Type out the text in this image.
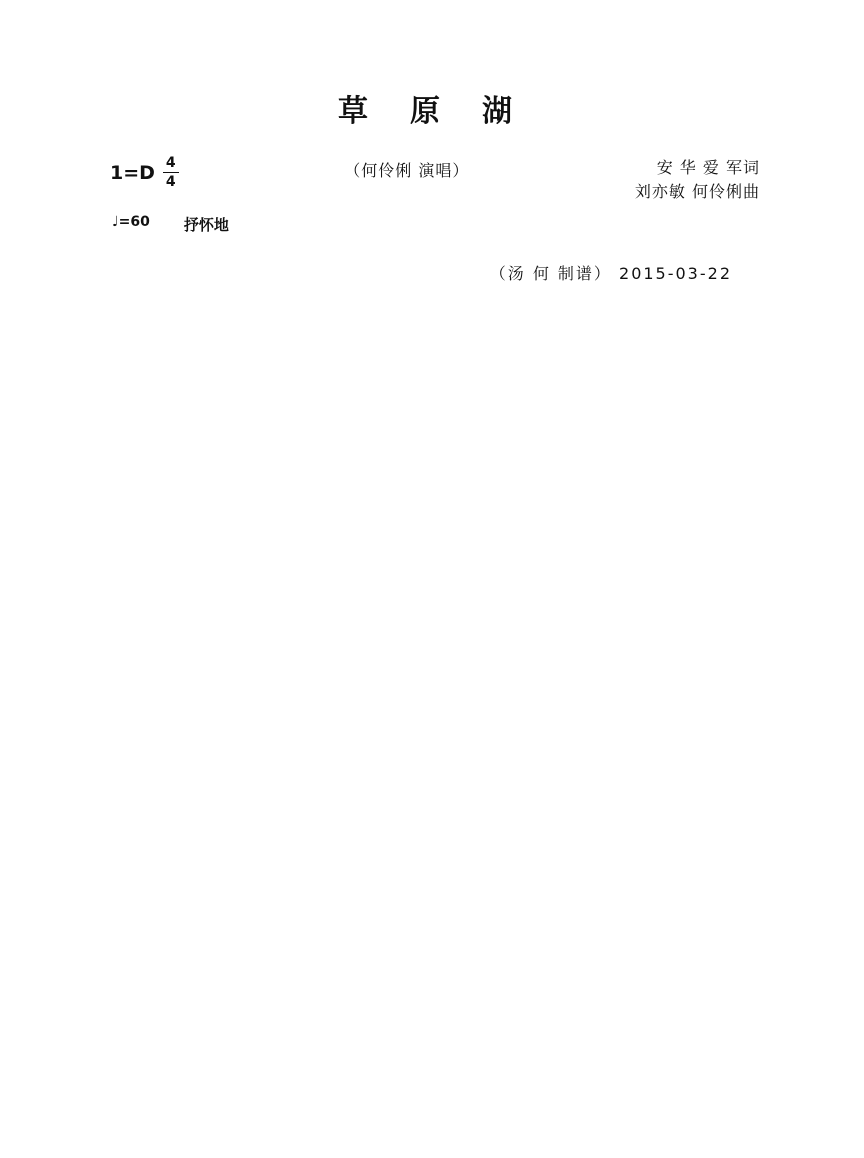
草　原　湖
$1=D \frac{4}{4}$	（何伶俐 演唱）	安 华 爱 军词
刘亦敏 何伶俐曲
♩=60 抒怀地
（汤 何 制谱） 2015-03-22
